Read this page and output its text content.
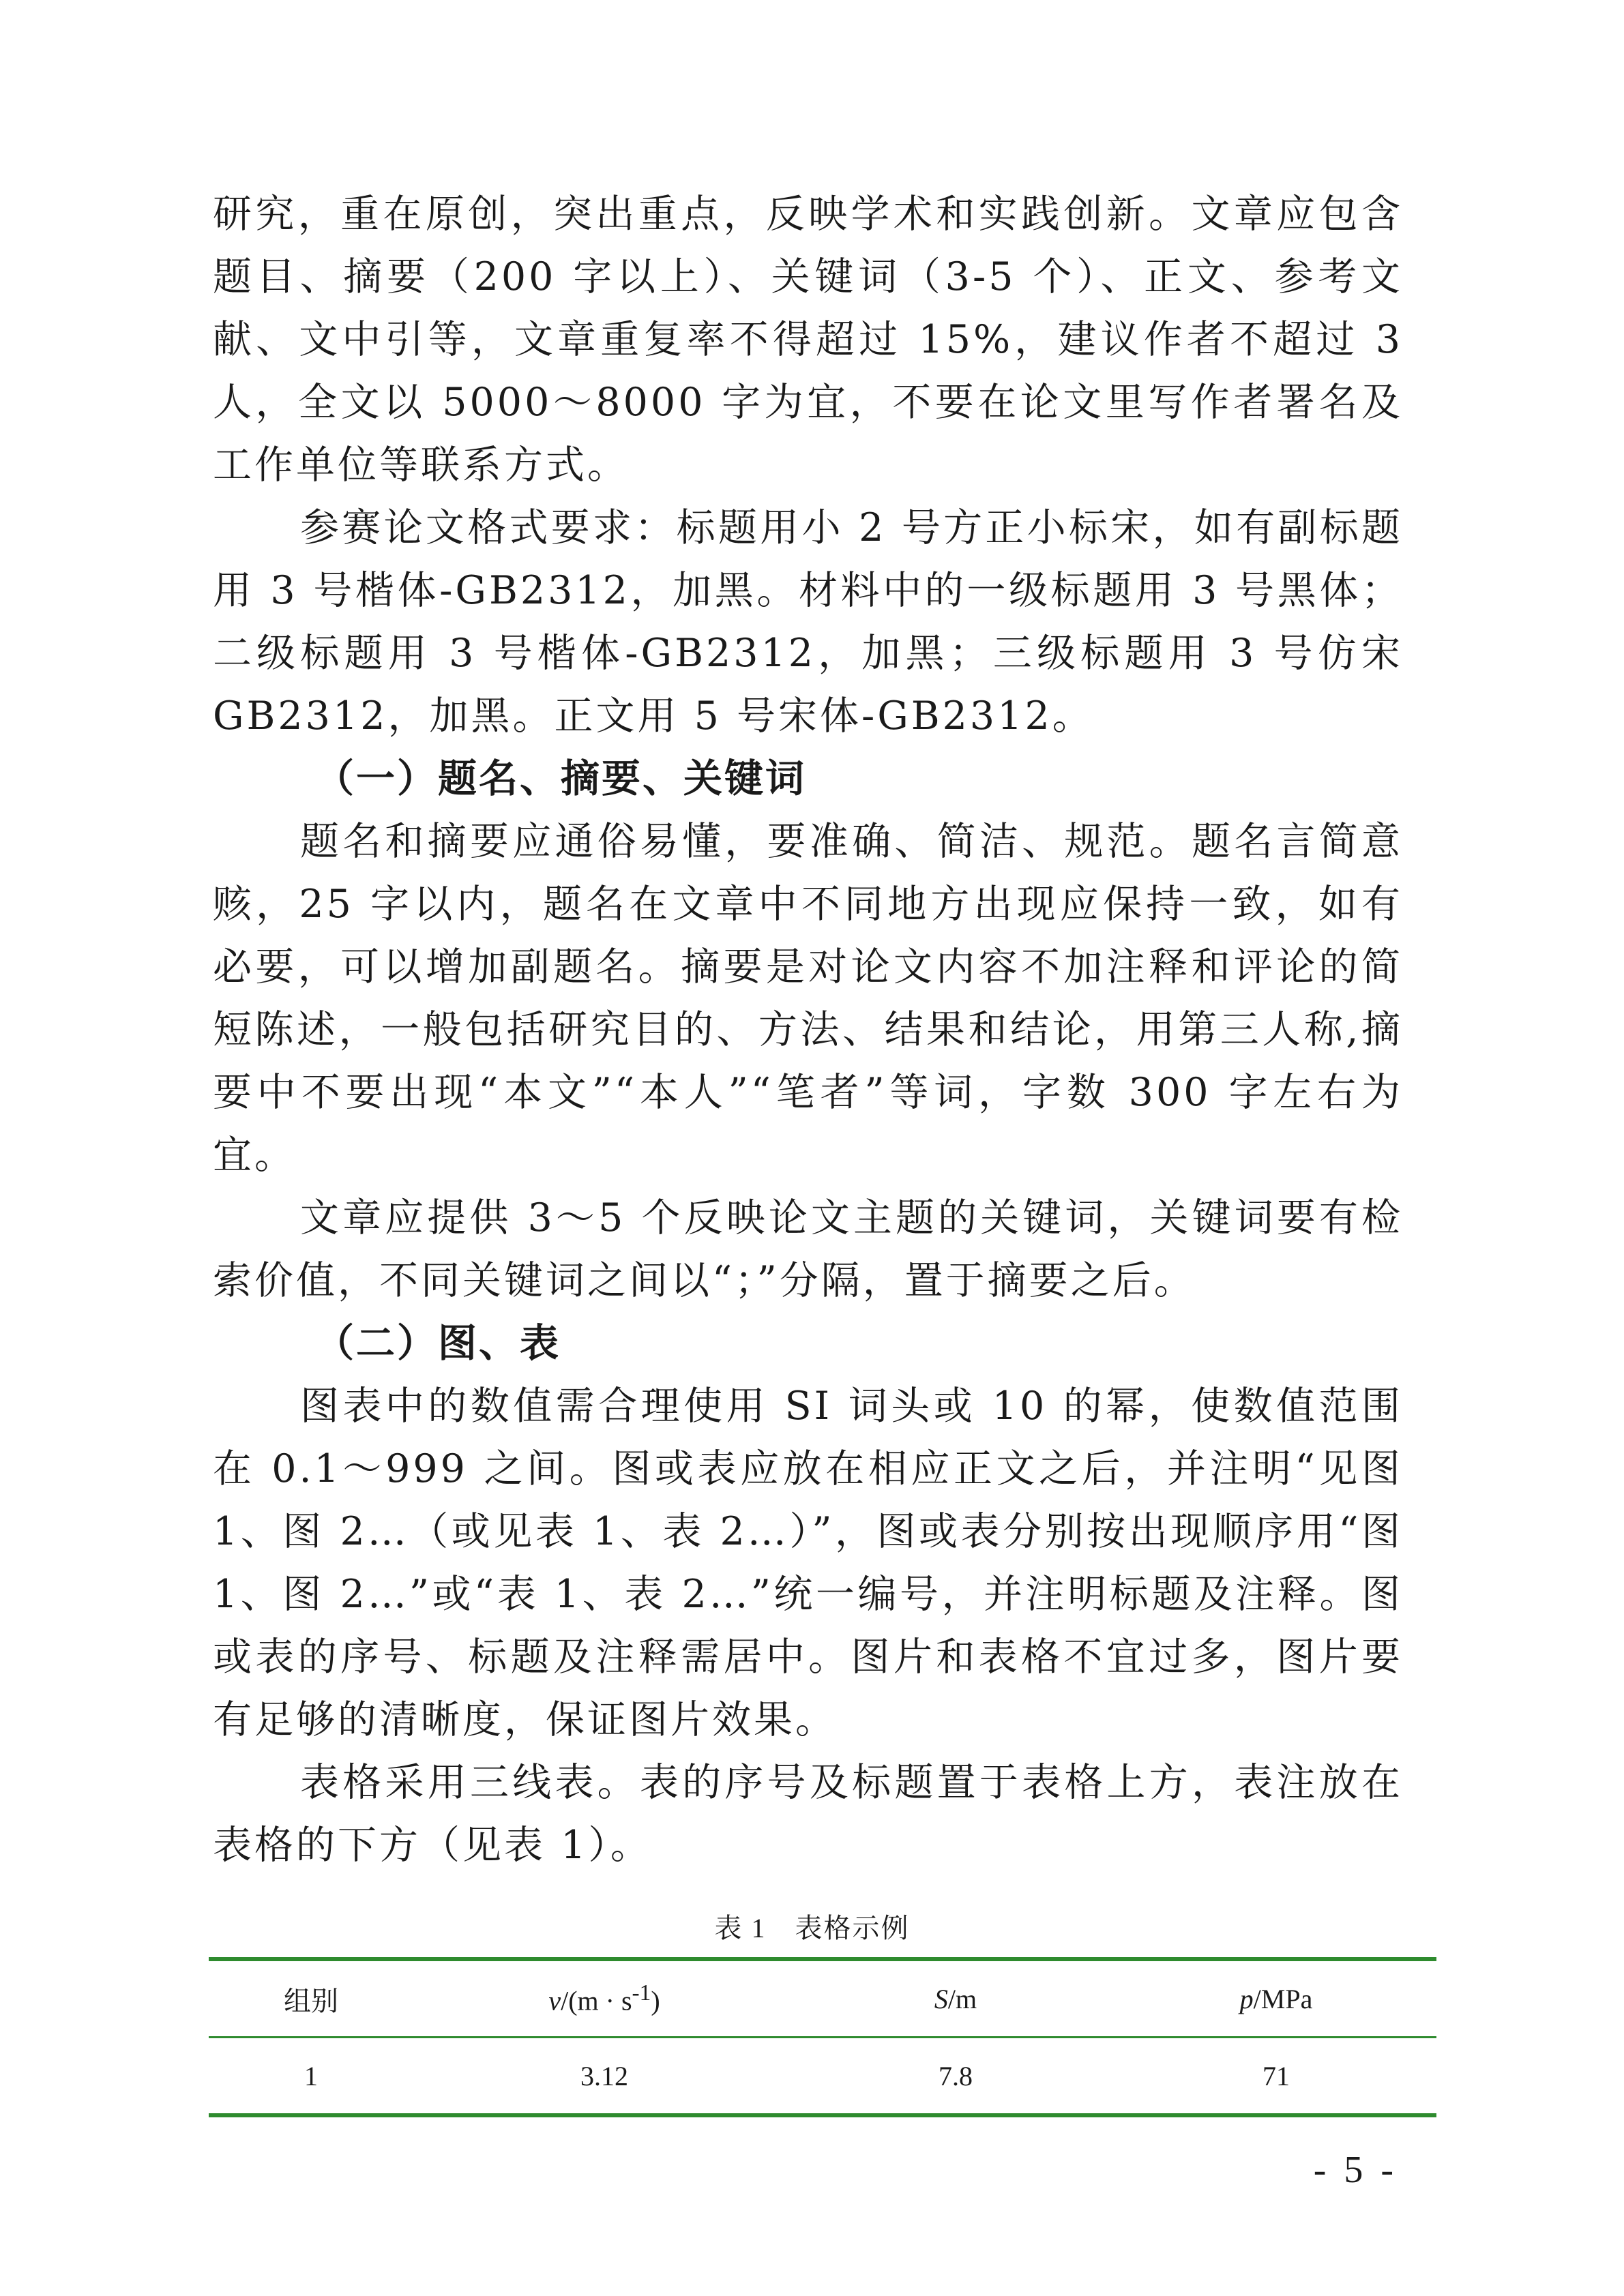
研究，重在原创，突出重点，反映学术和实践创新。文章应包含题目、摘要（200 字以上）、关键词（3-5 个）、正文、参考文献、文中引等，文章重复率不得超过 15%，建议作者不超过 3 人，全文以 5000～8000 字为宜，不要在论文里写作者署名及工作单位等联系方式。

参赛论文格式要求：标题用小 2 号方正小标宋，如有副标题用 3 号楷体-GB2312，加黑。材料中的一级标题用 3 号黑体；二级标题用 3 号楷体-GB2312，加黑；三级标题用 3 号仿宋 GB2312，加黑。正文用 5 号宋体-GB2312。

（一）题名、摘要、关键词

题名和摘要应通俗易懂，要准确、简洁、规范。题名言简意赅，25 字以内，题名在文章中不同地方出现应保持一致，如有必要，可以增加副题名。摘要是对论文内容不加注释和评论的简短陈述，一般包括研究目的、方法、结果和结论，用第三人称,摘要中不要出现“本文”“本人”“笔者”等词，字数 300 字左右为宜。

文章应提供 3～5 个反映论文主题的关键词，关键词要有检索价值，不同关键词之间以“；”分隔，置于摘要之后。

（二）图、表

图表中的数值需合理使用 SI 词头或 10 的幂，使数值范围在 0.1～999 之间。图或表应放在相应正文之后，并注明“见图 1、图 2…（或见表 1、表 2…）”，图或表分别按出现顺序用“图 1、图 2…”或“表 1、表 2…”统一编号，并注明标题及注释。图或表的序号、标题及注释需居中。图片和表格不宜过多，图片要有足够的清晰度，保证图片效果。

表格采用三线表。表的序号及标题置于表格上方，表注放在表格的下方（见表 1）。

表 1　表格示例
组别	$v/(m \cdot s^{-1})$	S/m	p/MPa
1	3.12	7.8	71
- 5 -
